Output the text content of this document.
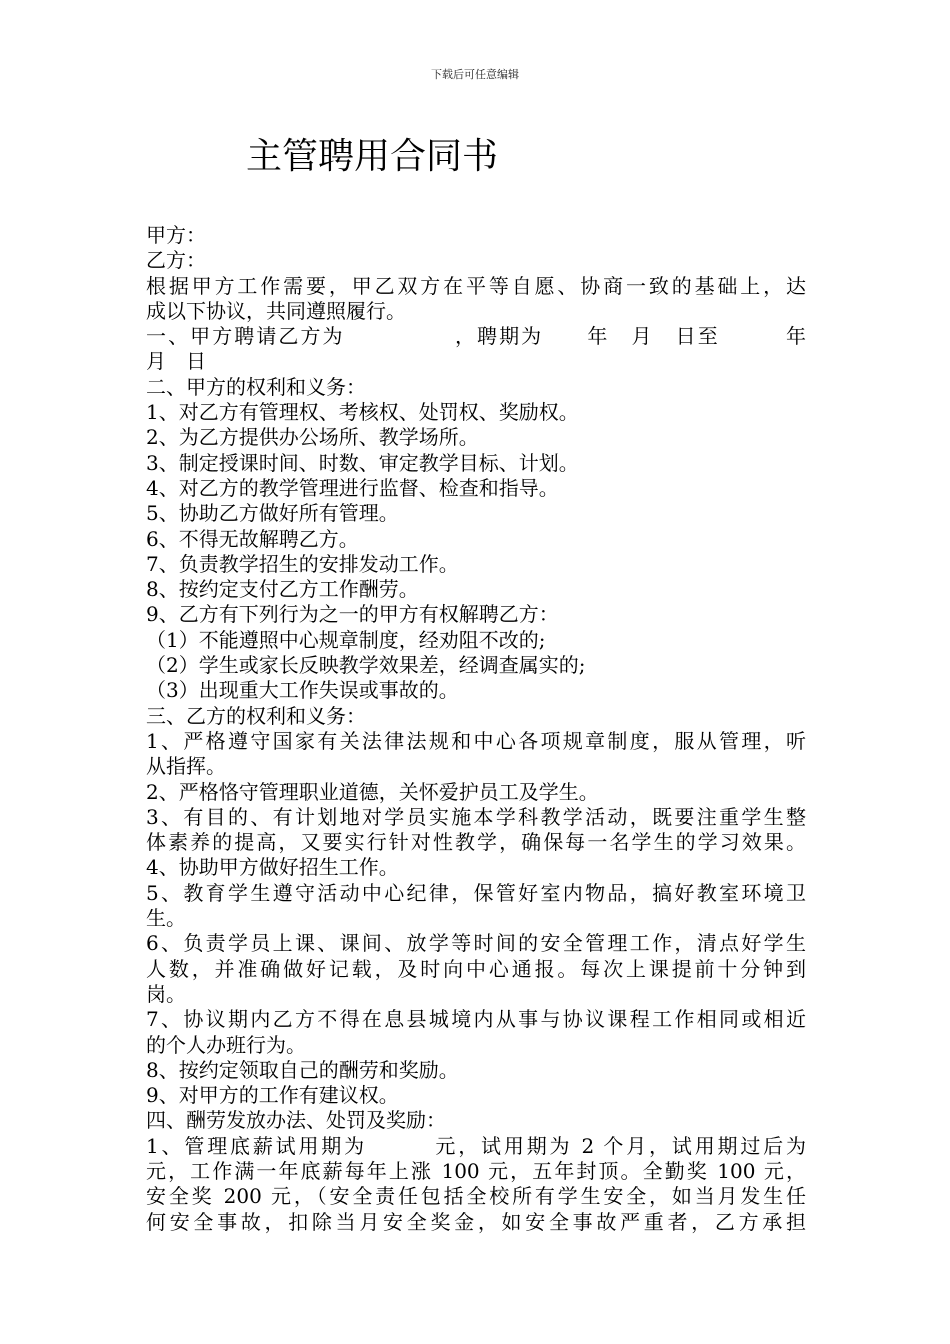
下载后可任意编辑
主管聘用合同书
甲方：
乙方：
根据甲方工作需要，甲乙双方在平等自愿、协商一致的基础上，达
成以下协议，共同遵照履行。
一、甲方聘请乙方为　　　　　，聘期为　　年　月　日至　　　年
月　日
二、甲方的权利和义务：
1、对乙方有管理权、考核权、处罚权、奖励权。
2、为乙方提供办公场所、教学场所。
3、制定授课时间、时数、审定教学目标、计划。
4、对乙方的教学管理进行监督、检查和指导。
5、协助乙方做好所有管理。
6、不得无故解聘乙方。
7、负责教学招生的安排发动工作。
8、按约定支付乙方工作酬劳。
9、乙方有下列行为之一的甲方有权解聘乙方：
（1）不能遵照中心规章制度，经劝阻不改的;
（2）学生或家长反映教学效果差，经调查属实的;
（3）出现重大工作失误或事故的。
三、乙方的权利和义务：
1、严格遵守国家有关法律法规和中心各项规章制度，服从管理，听
从指挥。
2、严格恪守管理职业道德，关怀爱护员工及学生。
3、有目的、有计划地对学员实施本学科教学活动，既要注重学生整
体素养的提高，又要实行针对性教学，确保每一名学生的学习效果。
4、协助甲方做好招生工作。
5、教育学生遵守活动中心纪律，保管好室内物品，搞好教室环境卫
生。
6、负责学员上课、课间、放学等时间的安全管理工作，清点好学生
人数，并准确做好记载，及时向中心通报。每次上课提前十分钟到
岗。
7、协议期内乙方不得在息县城境内从事与协议课程工作相同或相近
的个人办班行为。
8、按约定领取自己的酬劳和奖励。
9、对甲方的工作有建议权。
四、酬劳发放办法、处罚及奖励：
1、管理底薪试用期为　　　元，试用期为 2 个月，试用期过后为
元，工作满一年底薪每年上涨 100 元，五年封顶。全勤奖 100 元，
安全奖 200 元，（安全责任包括全校所有学生安全，如当月发生任
何安全事故，扣除当月安全奖金，如安全事故严重者，乙方承担
